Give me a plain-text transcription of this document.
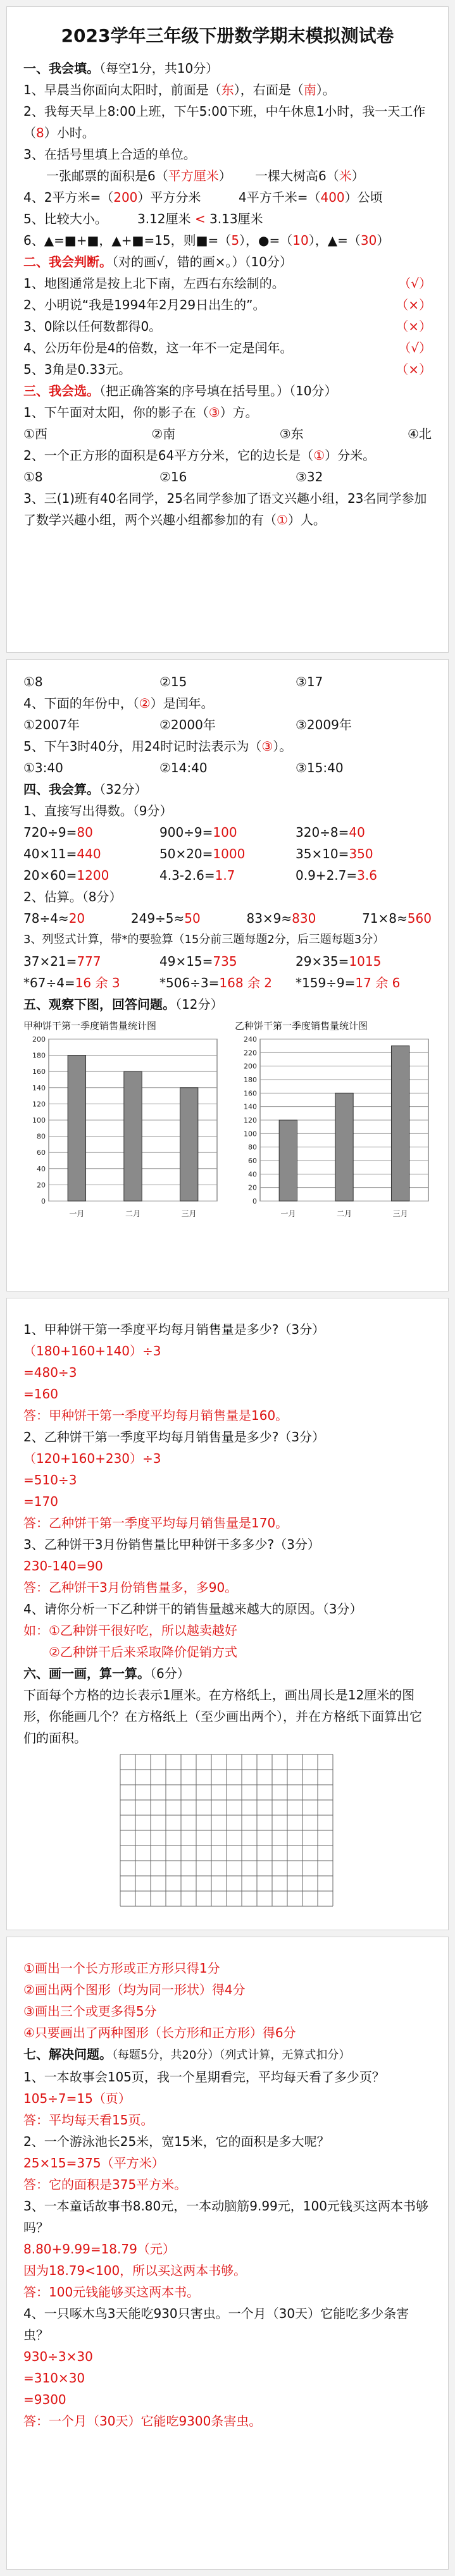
2023学年三年级下册数学期末模拟测试卷
一、我会填。（每空1分，共10分）
1、早晨当你面向太阳时，前面是（东），右面是（南）。
2、我每天早上8:00上班，下午5:00下班，中午休息1小时，我一天工作（8）小时。
3、在括号里填上合适的单位。
一张邮票的面积是6（平方厘米）	一棵大树高6（米）
4、2平方米=（200）平方分米	4平方千米=（400）公顷
5、比较大小。	3.12厘米 < 3.13厘米
6、▲=■+■，▲+■=15，则■=（5），●=（10），▲=（30）
二、我会判断。（对的画√，错的画×。）（10分）
1、地图通常是按上北下南，左西右东绘制的。	（√）
2、小明说“我是1994年2月29日出生的”。	（×）
3、0除以任何数都得0。	（×）
4、公历年份是4的倍数，这一年不一定是闰年。	（√）
5、3角是0.33元。	（×）
三、我会选。（把正确答案的序号填在括号里。）（10分）
1、下午面对太阳，你的影子在（③）方。
①西	②南	③东	④北
2、一个正方形的面积是64平方分米，它的边长是（①）分米。
①8	②16	③32
3、三(1)班有40名同学，25名同学参加了语文兴趣小组，23名同学参加了数学兴趣小组，两个兴趣小组都参加的有（①）人。
①8	②15	③17
4、下面的年份中，（②）是闰年。
①2007年	②2000年	③2009年
5、下午3时40分，用24时记时法表示为（③）。
①3:40	②14:40	③15:40
四、我会算。（32分）
1、直接写出得数。（9分）
720÷9=80	900÷9=100	320÷8=40
40×11=440	50×20=1000	35×10=350
20×60=1200	4.3-2.6=1.7	0.9+2.7=3.6
2、估算。（8分）
78÷4≈20	249÷5≈50	83×9≈830	71×8≈560
3、列竖式计算，带*的要验算（15分前三题每题2分，后三题每题3分）
37×21=777	49×15=735	29×35=1015
*67÷4=16 余 3	*506÷3=168 余 2	*159÷9=17 余 6
五、观察下图，回答问题。（12分）
甲种饼干第一季度销售量统计图
0
20
40
60
80
100
120
140
160
180
200
一月	二月	三月
乙种饼干第一季度销售量统计图
0
20
40
60
80
100
120
140
160
180
200
220
240
一月	二月	三月
1、甲种饼干第一季度平均每月销售量是多少?（3分）
（180+160+140）÷3
=480÷3
=160
答：甲种饼干第一季度平均每月销售量是160。
2、乙种饼干第一季度平均每月销售量是多少?（3分）
（120+160+230）÷3
=510÷3
=170
答：乙种饼干第一季度平均每月销售量是170。
3、乙种饼干3月份销售量比甲种饼干多多少?（3分）
230-140=90
答：乙种饼干3月份销售量多，多90。
4、请你分析一下乙种饼干的销售量越来越大的原因。（3分）
如：①乙种饼干很好吃，所以越卖越好
②乙种饼干后来采取降价促销方式
六、画一画，算一算。（6分）
下面每个方格的边长表示1厘米。在方格纸上，画出周长是12厘米的图形，你能画几个？在方格纸上（至少画出两个），并在方格纸下面算出它们的面积。
①画出一个长方形或正方形只得1分
②画出两个图形（均为同一形状）得4分
③画出三个或更多得5分
④只要画出了两种图形（长方形和正方形）得6分
七、解决问题。（每题5分，共20分）（列式计算，无算式扣分）
1、一本故事会105页，我一个星期看完，平均每天看了多少页？
105÷7=15（页）
答：平均每天看15页。
2、一个游泳池长25米，宽15米，它的面积是多大呢？
25×15=375（平方米）
答：它的面积是375平方米。
3、一本童话故事书8.80元，一本动脑筋9.99元，100元钱买这两本书够吗？
8.80+9.99=18.79（元）
因为18.79<100，所以买这两本书够。
答：100元钱能够买这两本书。
4、一只啄木鸟3天能吃930只害虫。一个月（30天）它能吃多少条害虫？
930÷3×30
=310×30
=9300
答：一个月（30天）它能吃9300条害虫。
